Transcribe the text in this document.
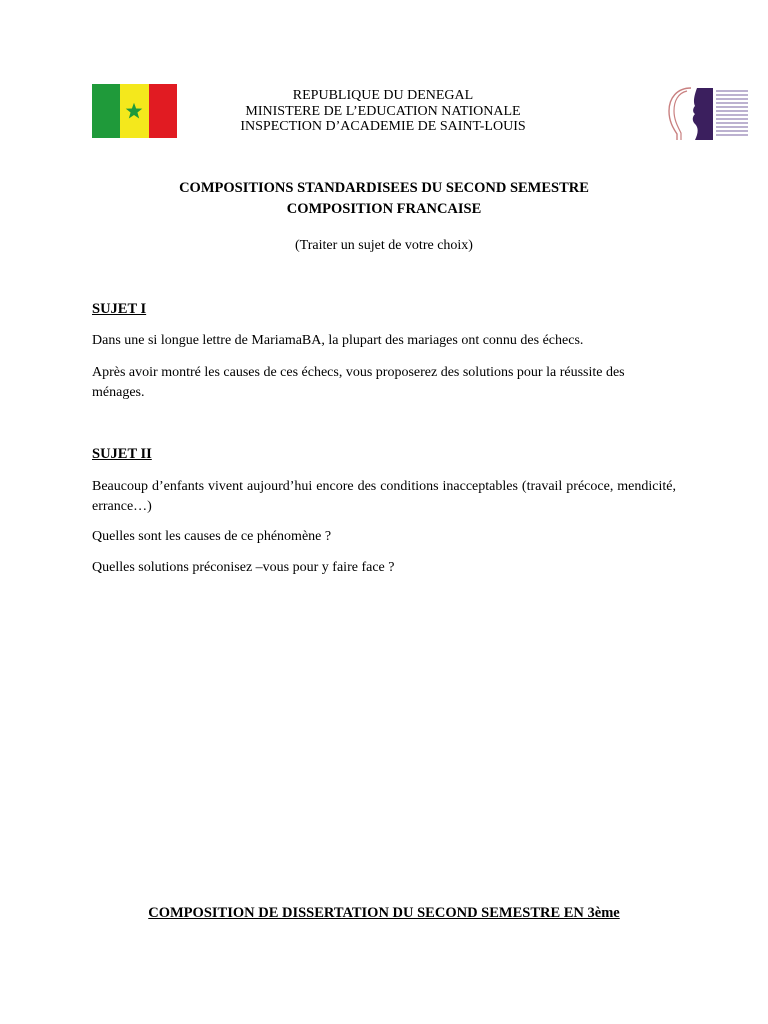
REPUBLIQUE DU DENEGAL
MINISTERE DE L’EDUCATION NATIONALE
INSPECTION D’ACADEMIE DE SAINT-LOUIS
COMPOSITIONS STANDARDISEES DU SECOND SEMESTRE
COMPOSITION FRANCAISE
(Traiter un sujet de votre choix)
SUJET I
Dans une si longue lettre de MariamaBA, la plupart des mariages ont connu des échecs.
Après avoir montré les causes de ces échecs, vous proposerez des solutions pour la réussite des ménages.
SUJET II
Beaucoup d’enfants vivent aujourd’hui encore des conditions inacceptables (travail précoce, mendicité, errance…)
Quelles sont les causes de ce phénomène ?
Quelles solutions préconisez –vous pour y faire face ?
COMPOSITION DE DISSERTATION DU SECOND SEMESTRE EN 3ème
